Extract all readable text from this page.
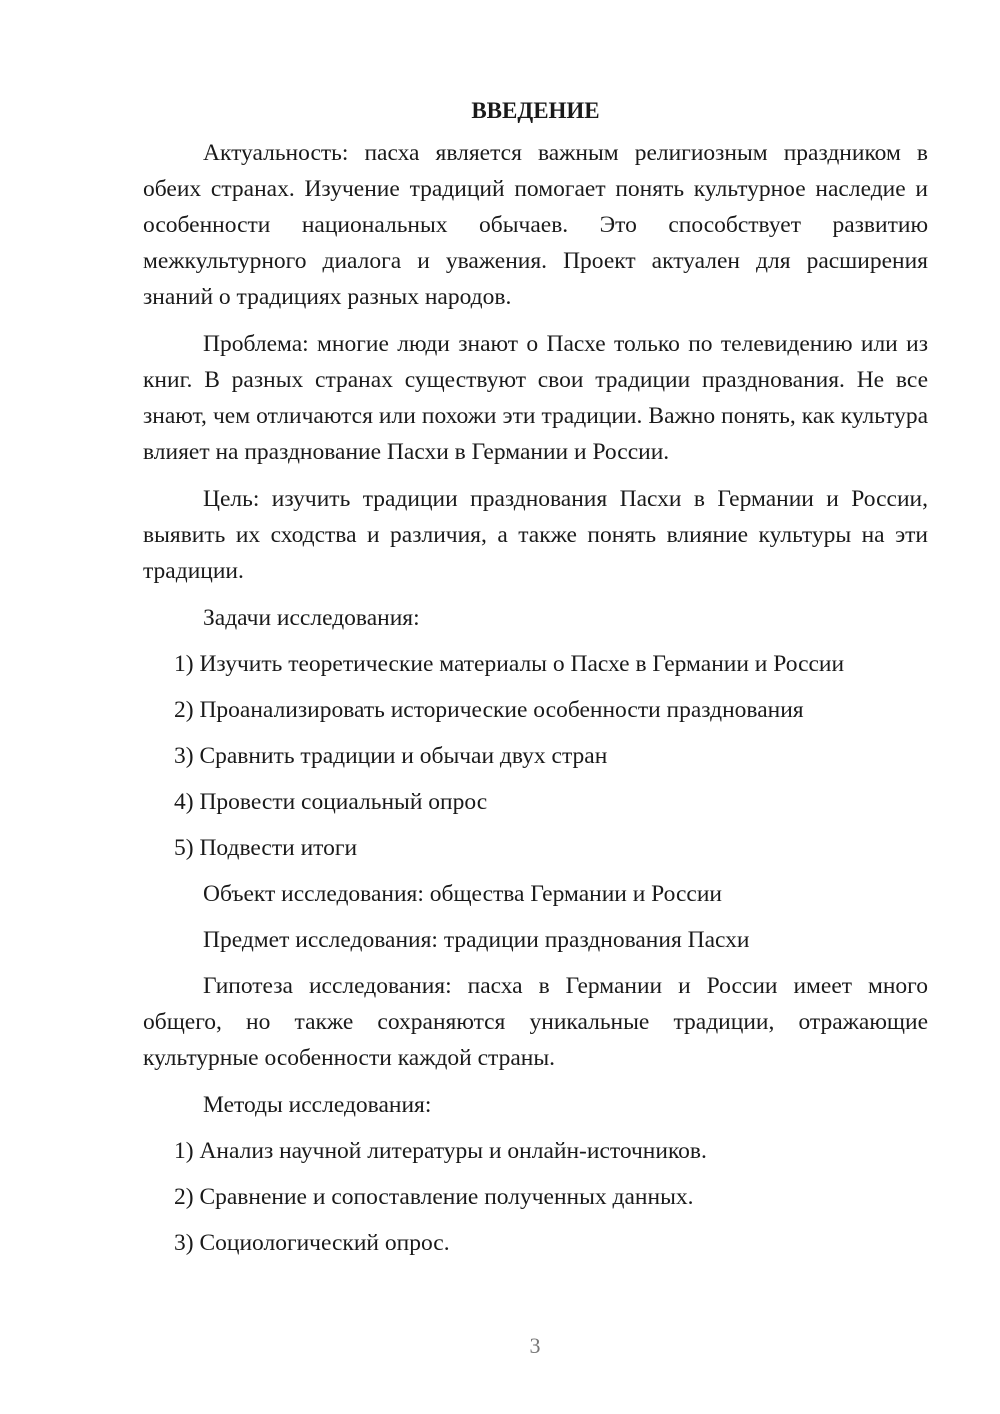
ВВЕДЕНИЕ
Актуальность: пасха является важным религиозным праздником в обеих странах. Изучение традиций помогает понять культурное наследие и особенности национальных обычаев. Это способствует развитию межкультурного диалога и уважения. Проект актуален для расширения знаний о традициях разных народов.
Проблема: многие люди знают о Пасхе только по телевидению или из книг. В разных странах существуют свои традиции празднования. Не все знают, чем отличаются или похожи эти традиции. Важно понять, как культура влияет на празднование Пасхи в Германии и России.
Цель: изучить традиции празднования Пасхи в Германии и России, выявить их сходства и различия, а также понять влияние культуры на эти традиции.
Задачи исследования:
1) Изучить теоретические материалы о Пасхе в Германии и России
2) Проанализировать исторические особенности празднования
3) Сравнить традиции и обычаи двух стран
4) Провести социальный опрос
5) Подвести итоги
Объект исследования: общества Германии и России
Предмет исследования: традиции празднования Пасхи
Гипотеза исследования: пасха в Германии и России имеет много общего, но также сохраняются уникальные традиции, отражающие культурные особенности каждой страны.
Методы исследования:
1) Анализ научной литературы и онлайн-источников.
2) Сравнение и сопоставление полученных данных.
3) Социологический опрос.
3
